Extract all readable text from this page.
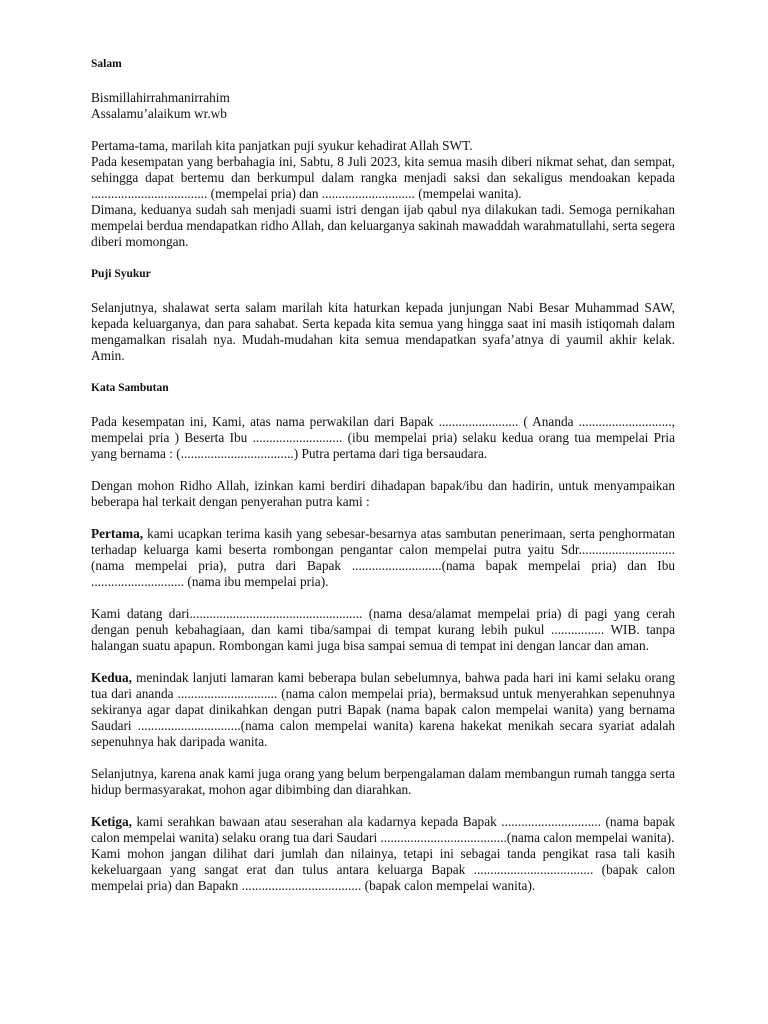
Salam

Bismillahirrahmanirrahim

Assalamu’alaikum wr.wb

Pertama-tama, marilah kita panjatkan puji syukur kehadirat Allah SWT.

Pada kesempatan yang berbahagia ini, Sabtu, 8 Juli 2023, kita semua masih diberi nikmat sehat, dan sempat, sehingga dapat bertemu dan berkumpul dalam rangka menjadi saksi dan sekaligus mendoakan kepada ................................... (mempelai pria) dan ............................ (mempelai wanita).

Dimana, keduanya sudah sah menjadi suami istri dengan ijab qabul nya dilakukan tadi. Semoga pernikahan mempelai berdua mendapatkan ridho Allah, dan keluarganya sakinah mawaddah warahmatullahi, serta segera diberi momongan.

Puji Syukur

Selanjutnya, shalawat serta salam marilah kita haturkan kepada junjungan Nabi Besar Muhammad SAW, kepada keluarganya, dan para sahabat. Serta kepada kita semua yang hingga saat ini masih istiqomah dalam mengamalkan risalah nya. Mudah-mudahan kita semua mendapatkan syafa’atnya di yaumil akhir kelak. Amin.

Kata Sambutan

Pada kesempatan ini, Kami, atas nama perwakilan dari Bapak ........................ ( Ananda ............................, mempelai pria ) Beserta Ibu ........................... (ibu mempelai pria) selaku kedua orang tua mempelai Pria yang bernama : (..................................) Putra pertama dari tiga bersaudara.

Dengan mohon Ridho Allah, izinkan kami berdiri dihadapan bapak/ibu dan hadirin, untuk menyampaikan beberapa hal terkait dengan penyerahan putra kami :

Pertama, kami ucapkan terima kasih yang sebesar-besarnya atas sambutan penerimaan, serta penghormatan terhadap keluarga kami beserta rombongan pengantar calon mempelai putra yaitu Sdr............................. (nama mempelai pria), putra dari Bapak ...........................(nama bapak mempelai pria) dan Ibu ............................ (nama ibu mempelai pria).

Kami datang dari.................................................... (nama desa/alamat mempelai pria) di pagi yang cerah dengan penuh kebahagiaan, dan kami tiba/sampai di tempat kurang lebih pukul ................ WIB. tanpa halangan suatu apapun. Rombongan kami juga bisa sampai semua di tempat ini dengan lancar dan aman.

Kedua, menindak lanjuti lamaran kami beberapa bulan sebelumnya, bahwa pada hari ini kami selaku orang tua dari ananda .............................. (nama calon mempelai pria), bermaksud untuk menyerahkan sepenuhnya sekiranya agar dapat dinikahkan dengan putri Bapak (nama bapak calon mempelai wanita) yang bernama Saudari ...............................(nama calon mempelai wanita) karena hakekat menikah secara syariat adalah sepenuhnya hak daripada wanita.

Selanjutnya, karena anak kami juga orang yang belum berpengalaman dalam membangun rumah tangga serta hidup bermasyarakat, mohon agar dibimbing dan diarahkan.

Ketiga, kami serahkan bawaan atau seserahan ala kadarnya kepada Bapak .............................. (nama bapak calon mempelai wanita) selaku orang tua dari Saudari ......................................(nama calon mempelai wanita).

Kami mohon jangan dilihat dari jumlah dan nilainya, tetapi ini sebagai tanda pengikat rasa tali kasih kekeluargaan yang sangat erat dan tulus antara keluarga Bapak .................................... (bapak calon mempelai pria) dan Bapakn .................................... (bapak calon mempelai wanita).
